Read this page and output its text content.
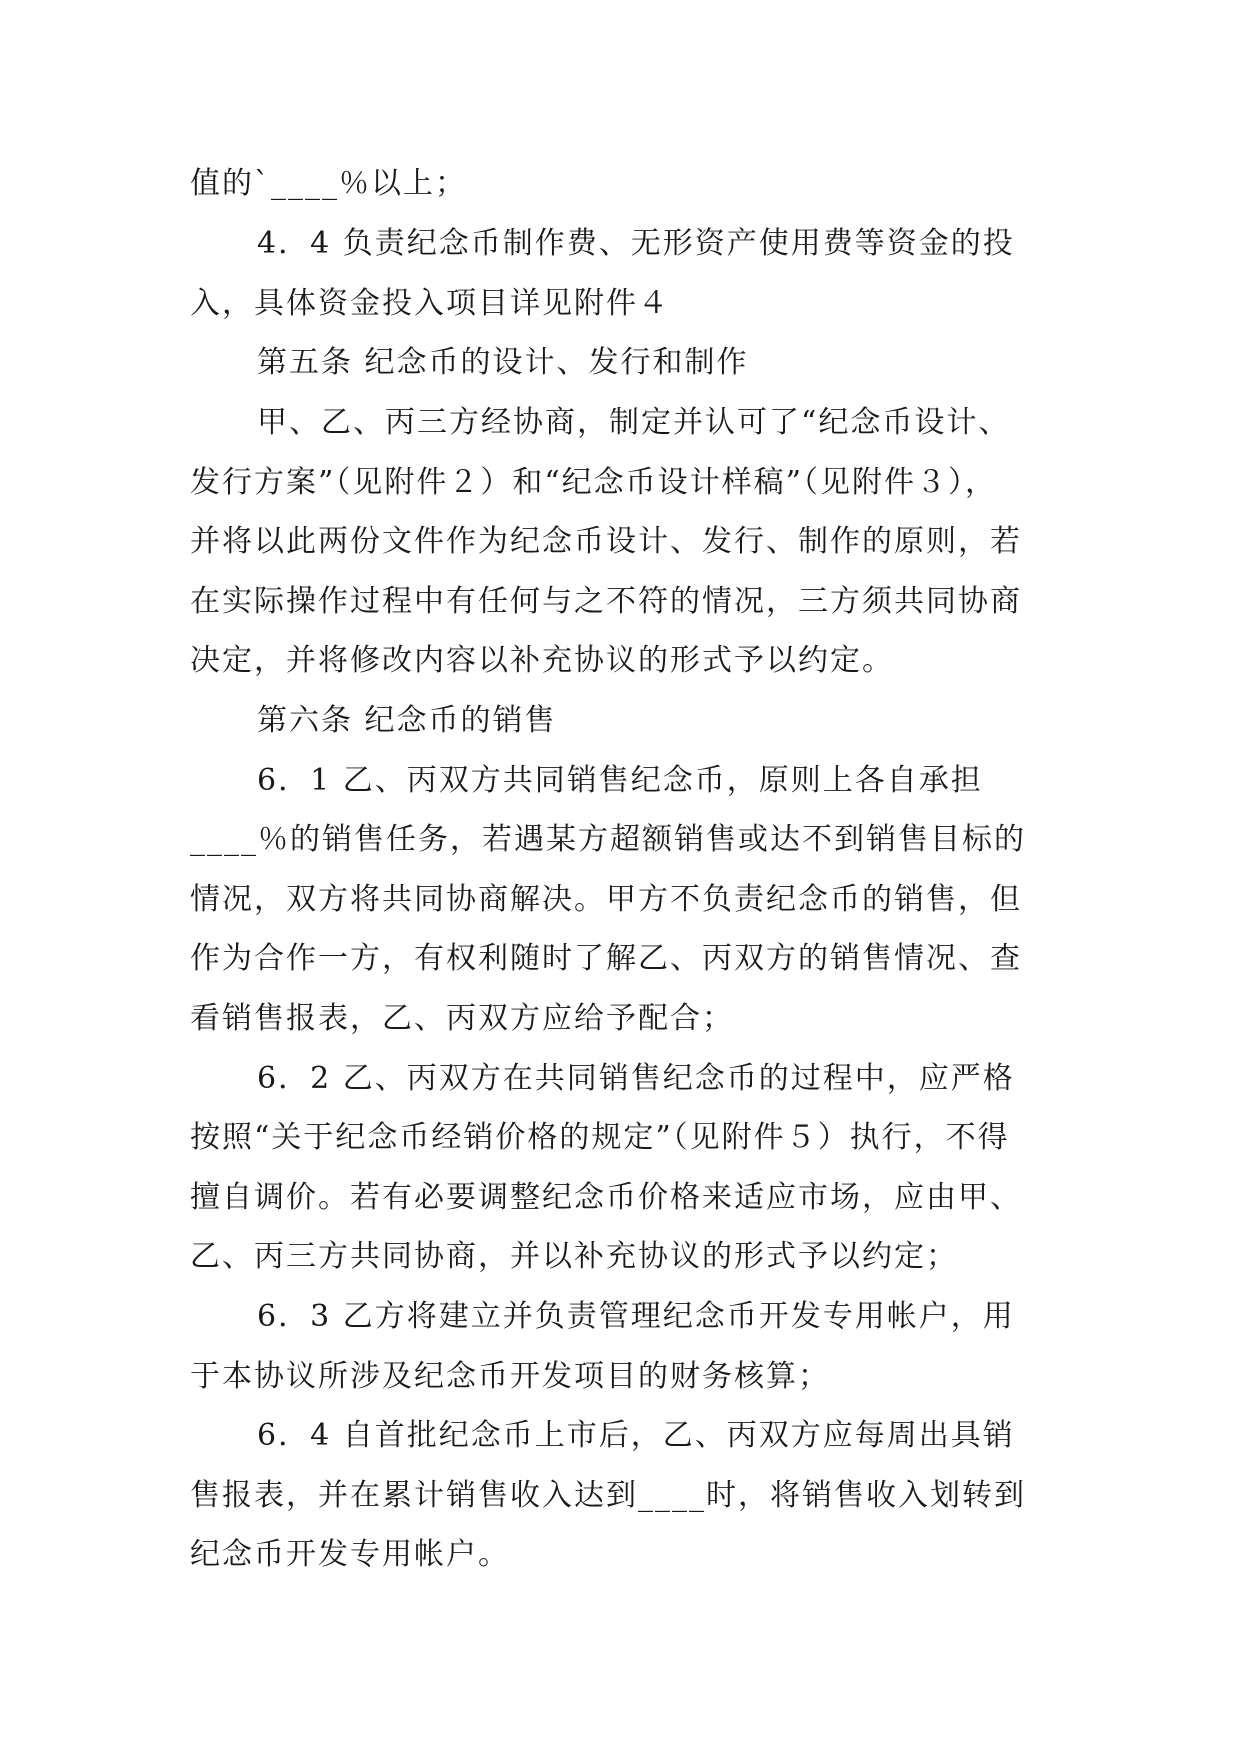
值的`____％以上；
4．4 负责纪念币制作费、无形资产使用费等资金的投
入，具体资金投入项目详见附件４
第五条 纪念币的设计、发行和制作
甲、乙、丙三方经协商，制定并认可了“纪念币设计、
发行方案”（见附件２）和“纪念币设计样稿”（见附件３），
并将以此两份文件作为纪念币设计、发行、制作的原则，若
在实际操作过程中有任何与之不符的情况，三方须共同协商
决定，并将修改内容以补充协议的形式予以约定。
第六条 纪念币的销售
6．1 乙、丙双方共同销售纪念币，原则上各自承担
____％的销售任务，若遇某方超额销售或达不到销售目标的
情况，双方将共同协商解决。甲方不负责纪念币的销售，但
作为合作一方，有权利随时了解乙、丙双方的销售情况、查
看销售报表，乙、丙双方应给予配合；
6．2 乙、丙双方在共同销售纪念币的过程中，应严格
按照“关于纪念币经销价格的规定”（见附件５）执行，不得
擅自调价。若有必要调整纪念币价格来适应市场，应由甲、
乙、丙三方共同协商，并以补充协议的形式予以约定；
6．3 乙方将建立并负责管理纪念币开发专用帐户，用
于本协议所涉及纪念币开发项目的财务核算；
6．4 自首批纪念币上市后，乙、丙双方应每周出具销
售报表，并在累计销售收入达到____时，将销售收入划转到
纪念币开发专用帐户。
